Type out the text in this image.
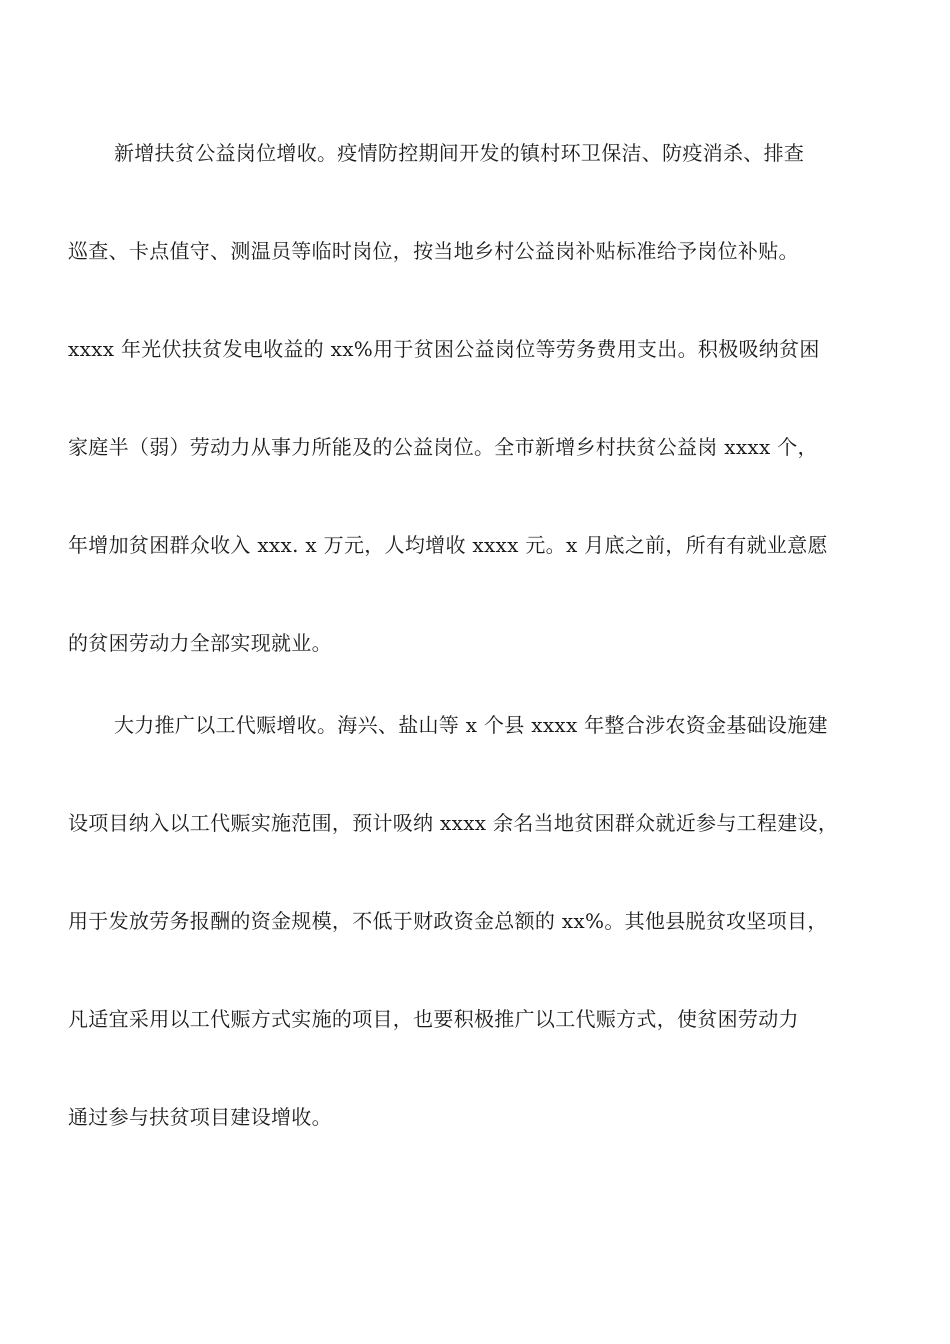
新增扶贫公益岗位增收。疫情防控期间开发的镇村环卫保洁、防疫消杀、排查
巡查、卡点值守、测温员等临时岗位，按当地乡村公益岗补贴标准给予岗位补贴。
xxxx 年光伏扶贫发电收益的 xx%用于贫困公益岗位等劳务费用支出。积极吸纳贫困
家庭半（弱）劳动力从事力所能及的公益岗位。全市新增乡村扶贫公益岗 xxxx 个，
年增加贫困群众收入 xxx. x 万元，人均增收 xxxx 元。x 月底之前，所有有就业意愿
的贫困劳动力全部实现就业。
大力推广以工代赈增收。海兴、盐山等 x 个县 xxxx 年整合涉农资金基础设施建
设项目纳入以工代赈实施范围，预计吸纳 xxxx 余名当地贫困群众就近参与工程建设，
用于发放劳务报酬的资金规模，不低于财政资金总额的 xx%。其他县脱贫攻坚项目，
凡适宜采用以工代赈方式实施的项目，也要积极推广以工代赈方式，使贫困劳动力
通过参与扶贫项目建设增收。
